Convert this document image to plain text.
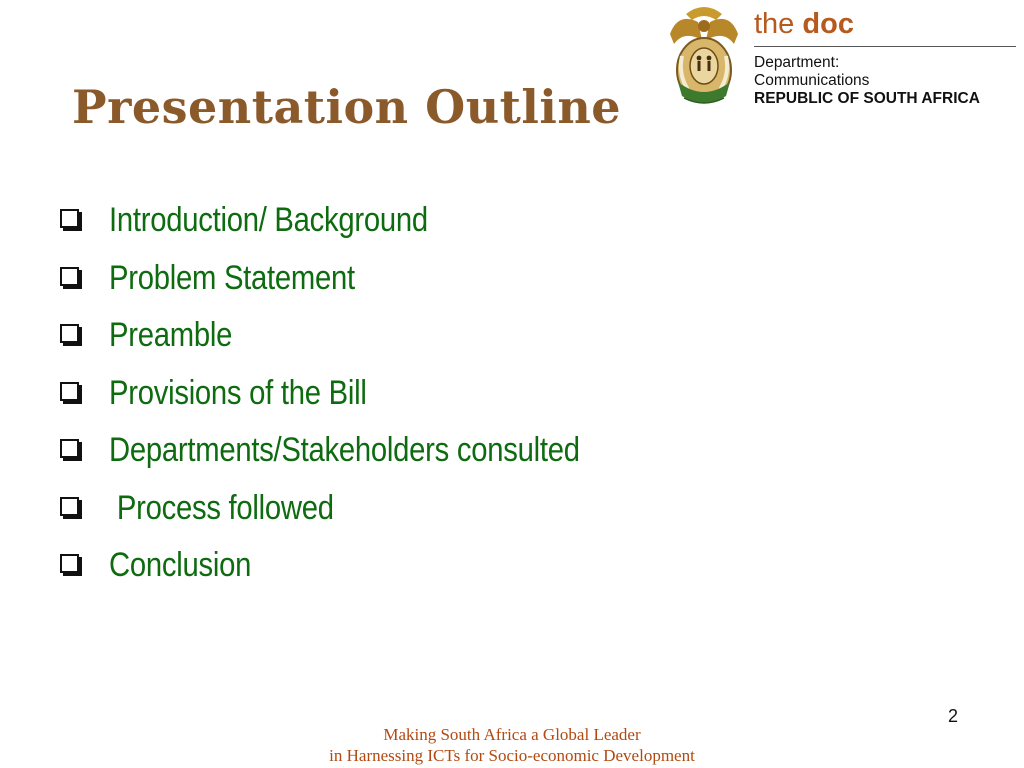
Presentation Outline
the doc
Department:
Communications
REPUBLIC OF SOUTH AFRICA
Introduction/ Background
Problem Statement
Preamble
Provisions of the Bill
Departments/Stakeholders consulted
Process followed
Conclusion
2
Making South Africa a Global Leader
in Harnessing ICTs for Socio-economic Development
